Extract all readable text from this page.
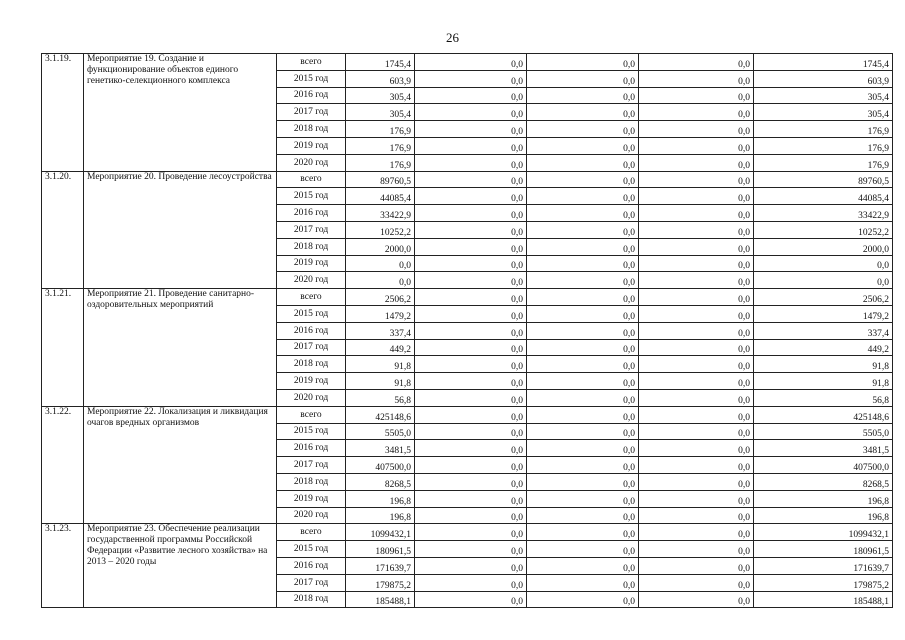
26
3.1.19.	Мероприятие 19. Создание и функционирование объектов единого генетико-селекционного комплекса	всего	1745,4	0,0	0,0	0,0	1745,4
		2015 год	603,9	0,0	0,0	0,0	603,9
		2016 год	305,4	0,0	0,0	0,0	305,4
		2017 год	305,4	0,0	0,0	0,0	305,4
		2018 год	176,9	0,0	0,0	0,0	176,9
		2019 год	176,9	0,0	0,0	0,0	176,9
		2020 год	176,9	0,0	0,0	0,0	176,9
3.1.20.	Мероприятие 20. Проведение лесоустройства	всего	89760,5	0,0	0,0	0,0	89760,5
		2015 год	44085,4	0,0	0,0	0,0	44085,4
		2016 год	33422,9	0,0	0,0	0,0	33422,9
		2017 год	10252,2	0,0	0,0	0,0	10252,2
		2018 год	2000,0	0,0	0,0	0,0	2000,0
		2019 год	0,0	0,0	0,0	0,0	0,0
		2020 год	0,0	0,0	0,0	0,0	0,0
3.1.21.	Мероприятие 21. Проведение санитарно-оздоровительных мероприятий	всего	2506,2	0,0	0,0	0,0	2506,2
		2015 год	1479,2	0,0	0,0	0,0	1479,2
		2016 год	337,4	0,0	0,0	0,0	337,4
		2017 год	449,2	0,0	0,0	0,0	449,2
		2018 год	91,8	0,0	0,0	0,0	91,8
		2019 год	91,8	0,0	0,0	0,0	91,8
		2020 год	56,8	0,0	0,0	0,0	56,8
3.1.22.	Мероприятие 22. Локализация и ликвидация очагов вредных организмов	всего	425148,6	0,0	0,0	0,0	425148,6
		2015 год	5505,0	0,0	0,0	0,0	5505,0
		2016 год	3481,5	0,0	0,0	0,0	3481,5
		2017 год	407500,0	0,0	0,0	0,0	407500,0
		2018 год	8268,5	0,0	0,0	0,0	8268,5
		2019 год	196,8	0,0	0,0	0,0	196,8
		2020 год	196,8	0,0	0,0	0,0	196,8
3.1.23.	Мероприятие 23. Обеспечение реализации государственной программы Российской Федерации «Развитие лесного хозяйства» на 2013 – 2020 годы	всего	1099432,1	0,0	0,0	0,0	1099432,1
		2015 год	180961,5	0,0	0,0	0,0	180961,5
		2016 год	171639,7	0,0	0,0	0,0	171639,7
		2017 год	179875,2	0,0	0,0	0,0	179875,2
		2018 год	185488,1	0,0	0,0	0,0	185488,1
